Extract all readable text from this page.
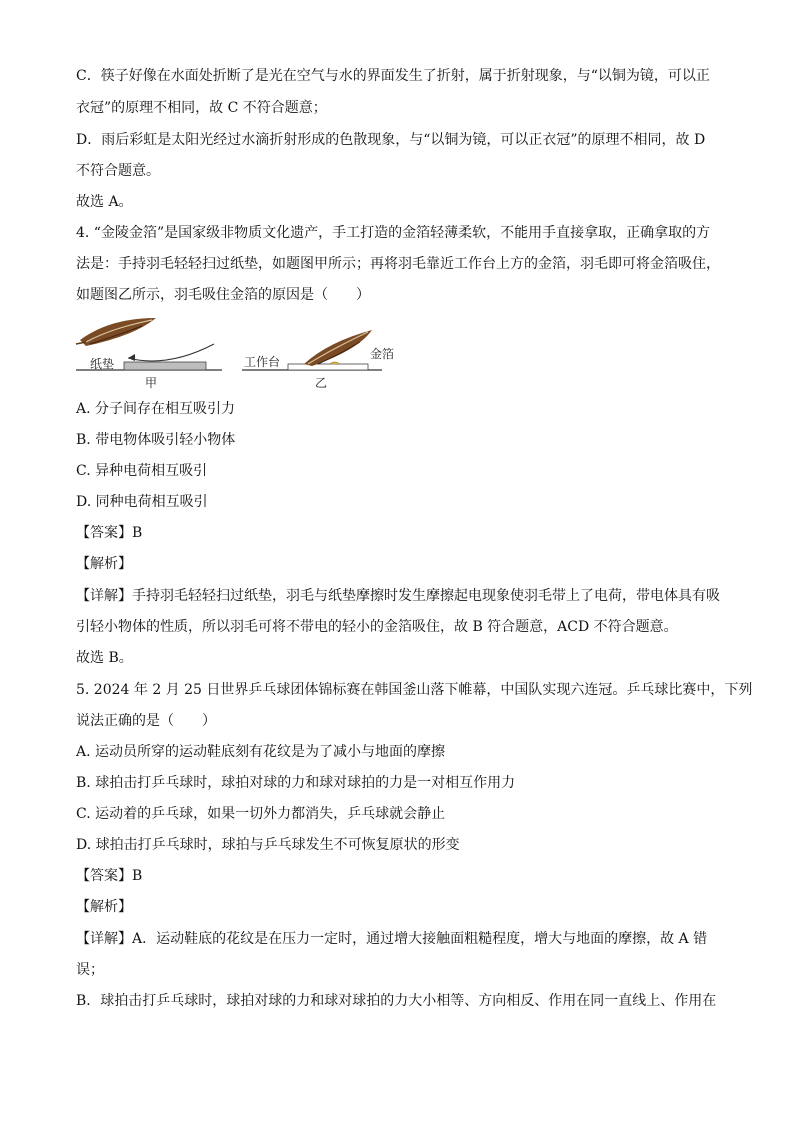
C．筷子好像在水面处折断了是光在空气与水的界面发生了折射，属于折射现象，与“以铜为镜，可以正
衣冠”的原理不相同，故 C 不符合题意；
D．雨后彩虹是太阳光经过水滴折射形成的色散现象，与“以铜为镜，可以正衣冠”的原理不相同，故 D
不符合题意。
故选 A。
4. “金陵金箔”是国家级非物质文化遗产，手工打造的金箔轻薄柔软，不能用手直接拿取，正确拿取的方
法是：手持羽毛轻轻扫过纸垫，如题图甲所示；再将羽毛靠近工作台上方的金箔，羽毛即可将金箔吸住，
如题图乙所示，羽毛吸住金箔的原因是（　　）
纸垫
甲
工作台
金箔
乙
A. 分子间存在相互吸引力
B. 带电物体吸引轻小物体
C. 异种电荷相互吸引
D. 同种电荷相互吸引
【答案】B
【解析】
【详解】手持羽毛轻轻扫过纸垫，羽毛与纸垫摩擦时发生摩擦起电现象使羽毛带上了电荷，带电体具有吸
引轻小物体的性质，所以羽毛可将不带电的轻小的金箔吸住，故 B 符合题意，ACD 不符合题意。
故选 B。
5. 2024 年 2 月 25 日世界乒乓球团体锦标赛在韩国釜山落下帷幕，中国队实现六连冠。乒乓球比赛中，下列
说法正确的是（　　）
A. 运动员所穿的运动鞋底刻有花纹是为了减小与地面的摩擦
B. 球拍击打乒乓球时，球拍对球的力和球对球拍的力是一对相互作用力
C. 运动着的乒乓球，如果一切外力都消失，乒乓球就会静止
D. 球拍击打乒乓球时，球拍与乒乓球发生不可恢复原状的形变
【答案】B
【解析】
【详解】A．运动鞋底的花纹是在压力一定时，通过增大接触面粗糙程度，增大与地面的摩擦，故 A 错
误；
B．球拍击打乒乓球时，球拍对球的力和球对球拍的力大小相等、方向相反、作用在同一直线上、作用在
